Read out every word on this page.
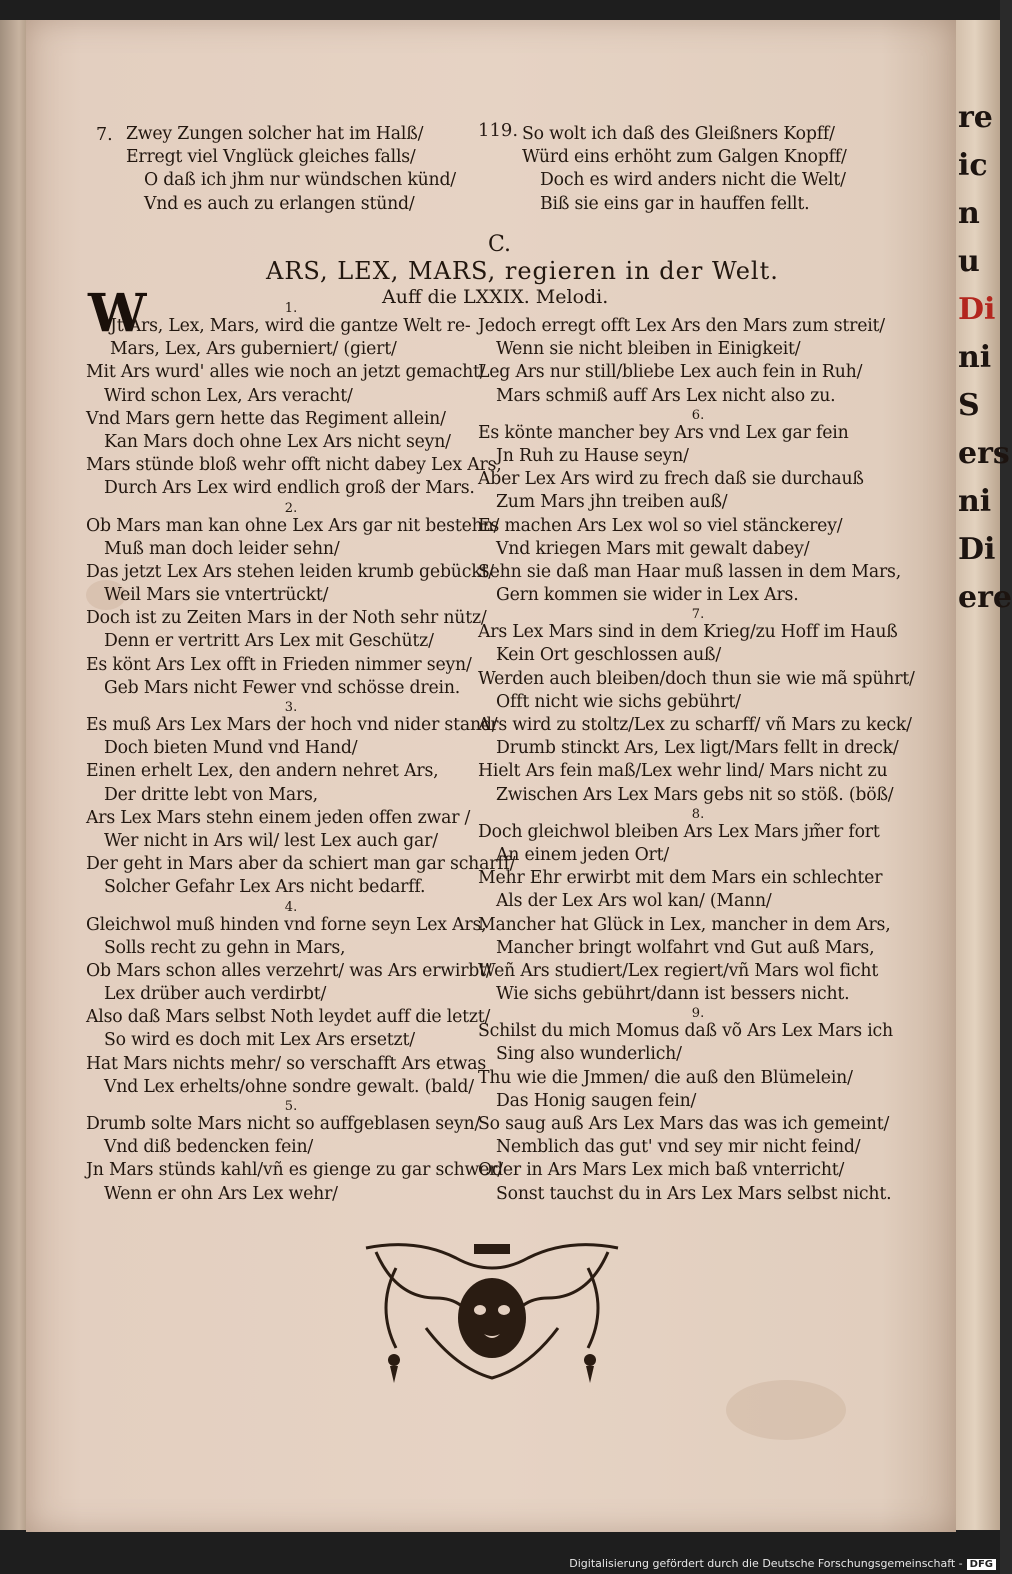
re
ic
n
u
Di
ni
S
ers
ni
Di
ere
119.
7. Zwey Zungen solcher hat im Halß/
Erregt viel Vnglück gleiches falls/
O daß ich jhm nur wündschen künd/
Vnd es auch zu erlangen stünd/
So wolt ich daß des Gleißners Kopff/
Würd eins erhöht zum Galgen Knopff/
Doch es wird anders nicht die Welt/
Biß sie eins gar in hauffen fellt.
C.
ARS, LEX, MARS, regieren in der Welt.
Auff die LXXIX. Melodi.
W	1.
Jt Ars, Lex, Mars, wird die gantze Welt re-
Mars, Lex, Ars guberniert/ (giert/
Mit Ars wurd' alles wie noch an jetzt gemacht/
Wird schon Lex, Ars veracht/
Vnd Mars gern hette das Regiment allein/
Kan Mars doch ohne Lex Ars nicht seyn/
Mars stünde bloß wehr offt nicht dabey Lex Ars,
Durch Ars Lex wird endlich groß der Mars.
2.
Ob Mars man kan ohne Lex Ars gar nit bestehn/
Muß man doch leider sehn/
Das jetzt Lex Ars stehen leiden krumb gebückt/
Weil Mars sie vntertrückt/
Doch ist zu Zeiten Mars in der Noth sehr nütz/
Denn er vertritt Ars Lex mit Geschütz/
Es könt Ars Lex offt in Frieden nimmer seyn/
Geb Mars nicht Fewer vnd schösse drein.
3.
Es muß Ars Lex Mars der hoch vnd nider stand/
Doch bieten Mund vnd Hand/
Einen erhelt Lex, den andern nehret Ars,
Der dritte lebt von Mars,
Ars Lex Mars stehn einem jeden offen zwar /
Wer nicht in Ars wil/ lest Lex auch gar/
Der geht in Mars aber da schiert man gar scharff/
Solcher Gefahr Lex Ars nicht bedarff.
4.
Gleichwol muß hinden vnd forne seyn Lex Ars,
Solls recht zu gehn in Mars,
Ob Mars schon alles verzehrt/ was Ars erwirbt/
Lex drüber auch verdirbt/
Also daß Mars selbst Noth leydet auff die letzt/
So wird es doch mit Lex Ars ersetzt/
Hat Mars nichts mehr/ so verschafft Ars etwas
Vnd Lex erhelts/ohne sondre gewalt. (bald/
5.
Drumb solte Mars nicht so auffgeblasen seyn/
Vnd diß bedencken fein/
Jn Mars stünds kahl/vñ es gienge zu gar schwer/
Wenn er ohn Ars Lex wehr/
Jedoch erregt offt Lex Ars den Mars zum streit/
Wenn sie nicht bleiben in Einigkeit/
Leg Ars nur still/bliebe Lex auch fein in Ruh/
Mars schmiß auff Ars Lex nicht also zu.
6.
Es könte mancher bey Ars vnd Lex gar fein
Jn Ruh zu Hause seyn/
Aber Lex Ars wird zu frech daß sie durchauß
Zum Mars jhn treiben auß/
Es machen Ars Lex wol so viel stänckerey/
Vnd kriegen Mars mit gewalt dabey/
Sehn sie daß man Haar muß lassen in dem Mars,
Gern kommen sie wider in Lex Ars.
7.
Ars Lex Mars sind in dem Krieg/zu Hoff im Hauß
Kein Ort geschlossen auß/
Werden auch bleiben/doch thun sie wie mã spührt/
Offt nicht wie sichs gebührt/
Ars wird zu stoltz/Lex zu scharff/ vñ Mars zu keck/
Drumb stinckt Ars, Lex ligt/Mars fellt in dreck/
Hielt Ars fein maß/Lex wehr lind/ Mars nicht zu
Zwischen Ars Lex Mars gebs nit so stöß. (böß/
8.
Doch gleichwol bleiben Ars Lex Mars jm̃er fort
An einem jeden Ort/
Mehr Ehr erwirbt mit dem Mars ein schlechter
Als der Lex Ars wol kan/ (Mann/
Mancher hat Glück in Lex, mancher in dem Ars,
Mancher bringt wolfahrt vnd Gut auß Mars,
Weñ Ars studiert/Lex regiert/vñ Mars wol ficht
Wie sichs gebührt/dann ist bessers nicht.
9.
Schilst du mich Momus daß võ Ars Lex Mars ich
Sing also wunderlich/
Thu wie die Jmmen/ die auß den Blümelein/
Das Honig saugen fein/
So saug auß Ars Lex Mars das was ich gemeint/
Nemblich das gut' vnd sey mir nicht feind/
Oder in Ars Mars Lex mich baß vnterricht/
Sonst tauchst du in Ars Lex Mars selbst nicht.
Digitalisierung gefördert durch die Deutsche Forschungsgemeinschaft - DFG
